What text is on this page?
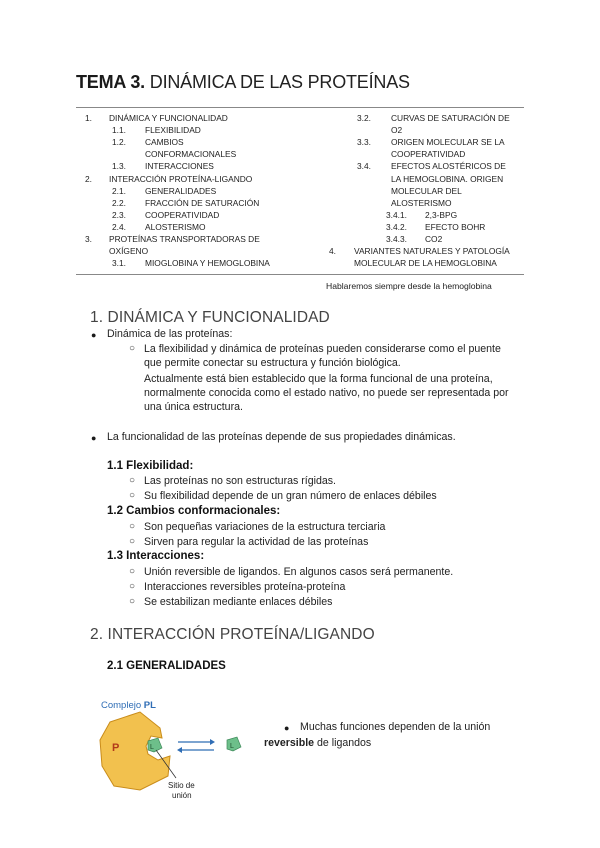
TEMA 3. DINÁMICA DE LAS PROTEÍNAS
1. DINÁMICA Y FUNCIONALIDAD
1.1. FLEXIBILIDAD
1.2. CAMBIOS
CONFORMACIONALES
1.3. INTERACCIONES
2. INTERACCIÓN PROTEÍNA-LIGANDO
2.1. GENERALIDADES
2.2. FRACCIÓN DE SATURACIÓN
2.3. COOPERATIVIDAD
2.4. ALOSTERISMO
3. PROTEÍNAS TRANSPORTADORAS DE
OXÍGENO
3.1. MIOGLOBINA Y HEMOGLOBINA
3.2. CURVAS DE SATURACIÓN DE
O2
3.3. ORIGEN MOLECULAR SE LA
COOPERATIVIDAD
3.4. EFECTOS ALOSTÉRICOS DE
LA HEMOGLOBINA. ORIGEN
MOLECULAR DEL
ALOSTERISMO
3.4.1. 2,3-BPG
3.4.2. EFECTO BOHR
3.4.3. CO2
4. VARIANTES NATURALES Y PATOLOGÍA
MOLECULAR DE LA HEMOGLOBINA
Hablaremos siempre desde la hemoglobina
1. DINÁMICA Y FUNCIONALIDAD
● Dinámica de las proteínas:
○ La flexibilidad y dinámica de proteínas pueden considerarse como el puente
que permite conectar su estructura y función biológica.
Actualmente está bien establecido que la forma funcional de una proteína,
normalmente conocida como el estado nativo, no puede ser representada por
una única estructura.
● La funcionalidad de las proteínas depende de sus propiedades dinámicas.
1.1 Flexibilidad:
○ Las proteínas no son estructuras rígidas.
○ Su flexibilidad depende de un gran número de enlaces débiles
1.2 Cambios conformacionales:
○ Son pequeñas variaciones de la estructura terciaria
○ Sirven para regular la actividad de las proteínas
1.3 Interacciones:
○ Unión reversible de ligandos. En algunos casos será permanente.
○ Interacciones reversibles proteína-proteína
○ Se estabilizan mediante enlaces débiles
2. INTERACCIÓN PROTEÍNA/LIGANDO
2.1 GENERALIDADES
Complejo PL
P	L	L
Sitio de
unión
● Muchas funciones dependen de la unión
reversible de ligandos
